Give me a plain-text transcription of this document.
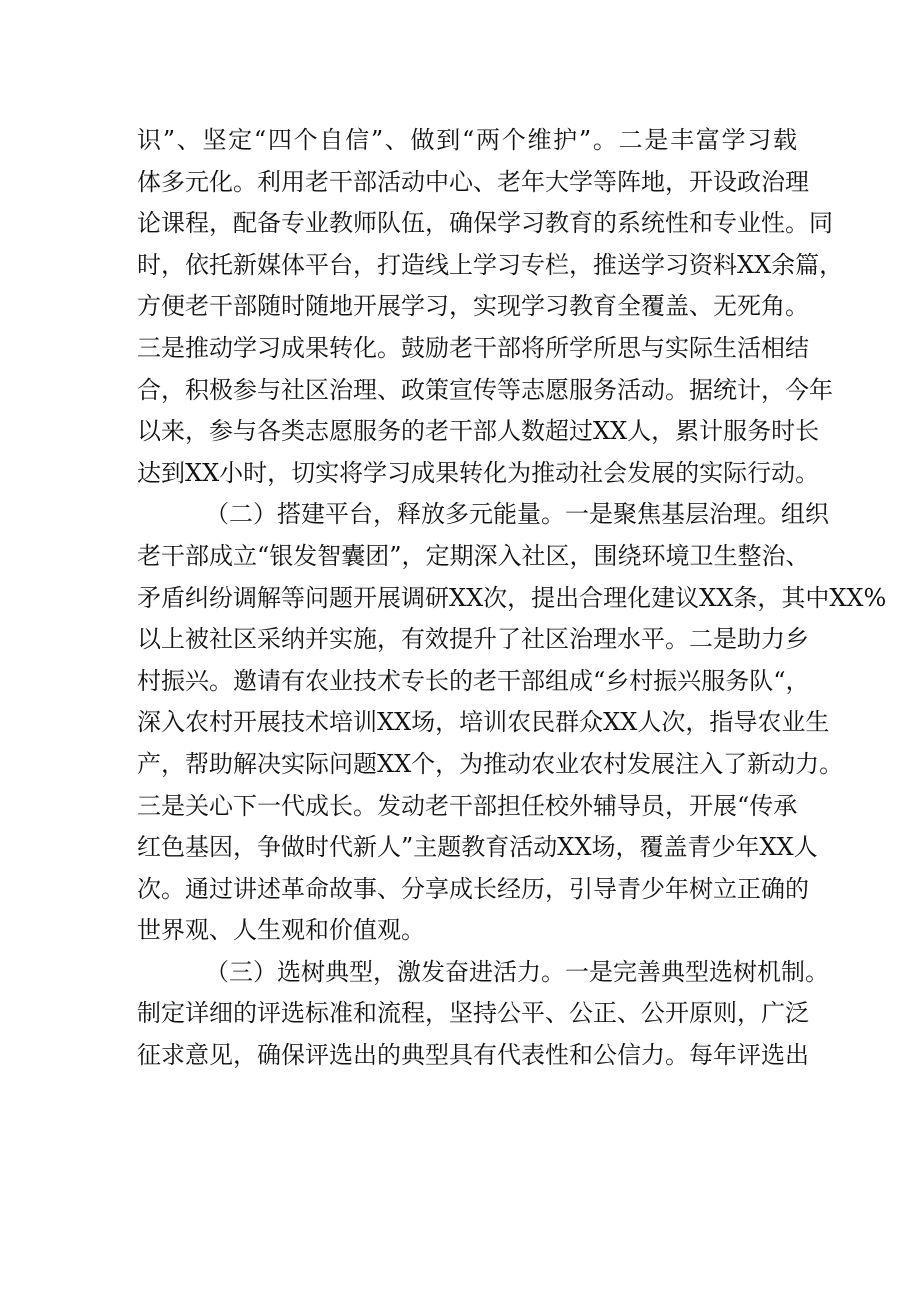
识”、坚定“四个自信”、做到“两个维护”。二是丰富学习载
体多元化。利用老干部活动中心、老年大学等阵地，开设政治理
论课程，配备专业教师队伍，确保学习教育的系统性和专业性。同
时，依托新媒体平台，打造线上学习专栏，推送学习资料XX余篇，
方便老干部随时随地开展学习，实现学习教育全覆盖、无死角。
三是推动学习成果转化。鼓励老干部将所学所思与实际生活相结
合，积极参与社区治理、政策宣传等志愿服务活动。据统计，今年
以来，参与各类志愿服务的老干部人数超过XX人，累计服务时长
达到XX小时，切实将学习成果转化为推动社会发展的实际行动。
（二）搭建平台，释放多元能量。一是聚焦基层治理。组织
老干部成立“银发智囊团”，定期深入社区，围绕环境卫生整治、
矛盾纠纷调解等问题开展调研XX次，提出合理化建议XX条，其中XX%
以上被社区采纳并实施，有效提升了社区治理水平。二是助力乡
村振兴。邀请有农业技术专长的老干部组成“乡村振兴服务队“，
深入农村开展技术培训XX场，培训农民群众XX人次，指导农业生
产，帮助解决实际问题XX个，为推动农业农村发展注入了新动力。
三是关心下一代成长。发动老干部担任校外辅导员，开展“传承
红色基因，争做时代新人”主题教育活动XX场，覆盖青少年XX人
次。通过讲述革命故事、分享成长经历，引导青少年树立正确的
世界观、人生观和价值观。
（三）选树典型，激发奋进活力。一是完善典型选树机制。
制定详细的评选标准和流程，坚持公平、公正、公开原则，广泛
征求意见，确保评选出的典型具有代表性和公信力。每年评选出
